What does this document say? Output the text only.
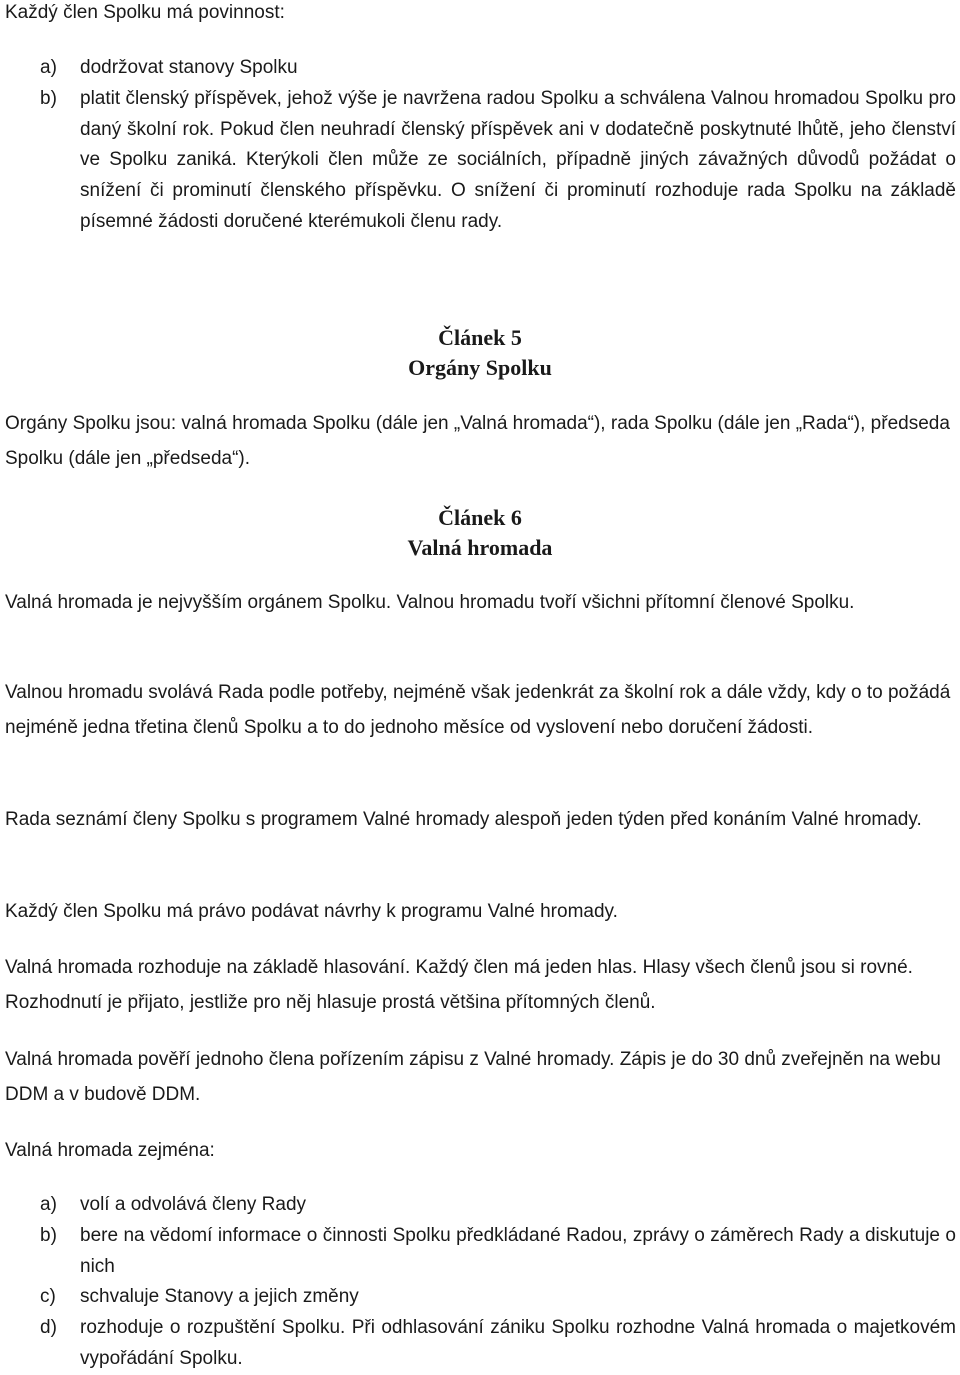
Každý člen Spolku má povinnost:

a)	dodržovat stanovy Spolku
b)	platit členský příspěvek, jehož výše je navržena radou Spolku a schválena Valnou hromadou Spolku pro daný školní rok. Pokud člen neuhradí členský příspěvek ani v dodatečně poskytnuté lhůtě, jeho členství ve Spolku zaniká. Kterýkoli člen může ze sociálních, případně jiných závažných důvodů požádat o snížení či prominutí členského příspěvku. O snížení či prominutí rozhoduje rada Spolku na základě písemné žádosti doručené kterémukoli členu rady.
Článek 5
Orgány Spolku

Orgány Spolku jsou: valná hromada Spolku (dále jen „Valná hromada“), rada Spolku (dále jen „Rada“), předseda Spolku (dále jen „předseda“).

Článek 6
Valná hromada

Valná hromada je nejvyšším orgánem Spolku. Valnou hromadu tvoří všichni přítomní členové Spolku.

Valnou hromadu svolává Rada podle potřeby, nejméně však jedenkrát za školní rok a dále vždy, kdy o to požádá nejméně jedna třetina členů Spolku a to do jednoho měsíce od vyslovení nebo doručení žádosti.

Rada seznámí členy Spolku s programem Valné hromady alespoň jeden týden před konáním Valné hromady.

Každý člen Spolku má právo podávat návrhy k programu Valné hromady.

Valná hromada rozhoduje na základě hlasování. Každý člen má jeden hlas. Hlasy všech členů jsou si rovné. Rozhodnutí je přijato, jestliže pro něj hlasuje prostá většina přítomných členů.

Valná hromada pověří jednoho člena pořízením zápisu z Valné hromady. Zápis je do 30 dnů zveřejněn na webu DDM a v budově DDM.

Valná hromada zejména:

a)	volí a odvolává členy Rady
b)	bere na vědomí informace o činnosti Spolku předkládané Radou, zprávy o záměrech Rady a diskutuje o nich
c)	schvaluje Stanovy a jejich změny
d)	rozhoduje o rozpuštění Spolku. Při odhlasování zániku Spolku rozhodne Valná hromada o majetkovém vypořádání Spolku.
